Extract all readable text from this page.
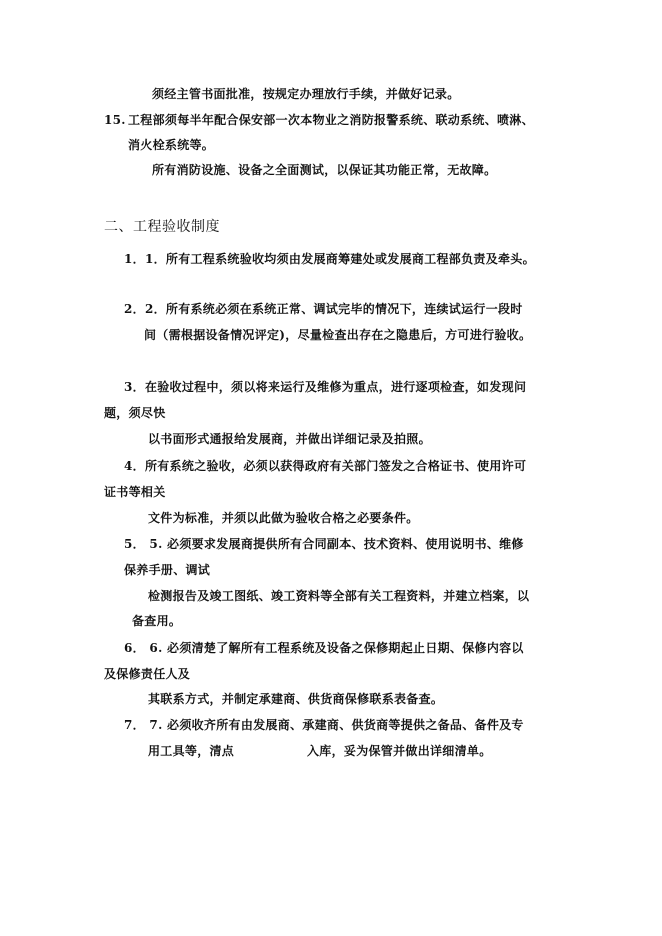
须经主管书面批准，按规定办理放行手续，并做好记录。
15. 工程部须每半年配合保安部一次本物业之消防报警系统、联动系统、喷淋、
消火栓系统等。
所有消防设施、设备之全面测试，以保证其功能正常，无故障。
二、工程验收制度
1．1．所有工程系统验收均须由发展商筹建处或发展商工程部负责及牵头。
2．2．所有系统必须在系统正常、调试完毕的情况下，连续试运行一段时
间（需根据设备情况评定)，尽量检查出存在之隐患后，方可进行验收。
3．在验收过程中，须以将来运行及维修为重点，进行逐项检查，如发现问
题，须尽快
以书面形式通报给发展商，并做出详细记录及拍照。
4．所有系统之验收，必须以获得政府有关部门签发之合格证书、使用许可
证书等相关
文件为标准，并须以此做为验收合格之必要条件。
5． 5. 必须要求发展商提供所有合同副本、技术资料、使用说明书、维修
保养手册、调试
检测报告及竣工图纸、竣工资料等全部有关工程资料，并建立档案，以
备查用。
6． 6. 必须清楚了解所有工程系统及设备之保修期起止日期、保修内容以
及保修责任人及
其联系方式，并制定承建商、供货商保修联系表备查。
7． 7. 必须收齐所有由发展商、承建商、供货商等提供之备品、备件及专
用工具等，清点	入库，妥为保管并做出详细清单。
